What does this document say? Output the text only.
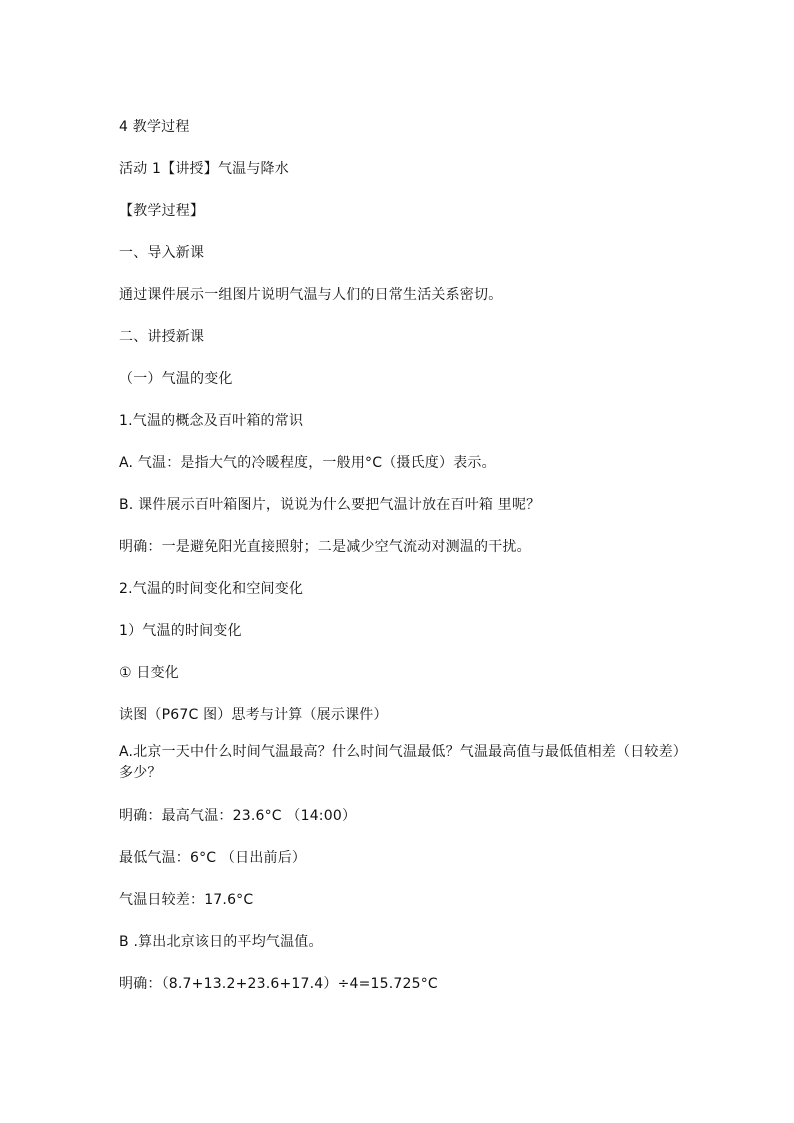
4 教学过程
活动 1【讲授】气温与降水
【教学过程】
一、导入新课
通过课件展示一组图片说明气温与人们的日常生活关系密切。
二、讲授新课
（一）气温的变化
1.气温的概念及百叶箱的常识
A. 气温：是指大气的冷暖程度，一般用°C（摄氏度）表示。
B. 课件展示百叶箱图片，说说为什么要把气温计放在百叶箱 里呢？
明确：一是避免阳光直接照射；二是减少空气流动对测温的干扰。
2.气温的时间变化和空间变化
1）气温的时间变化
① 日变化
读图（P67C 图）思考与计算（展示课件）
A.北京一天中什么时间气温最高？什么时间气温最低？气温最高值与最低值相差（日较差）多少？
明确：最高气温：23.6°C （14:00）
最低气温：6°C （日出前后）
气温日较差：17.6°C
B .算出北京该日的平均气温值。
明确：（8.7+13.2+23.6+17.4）÷4=15.725°C
